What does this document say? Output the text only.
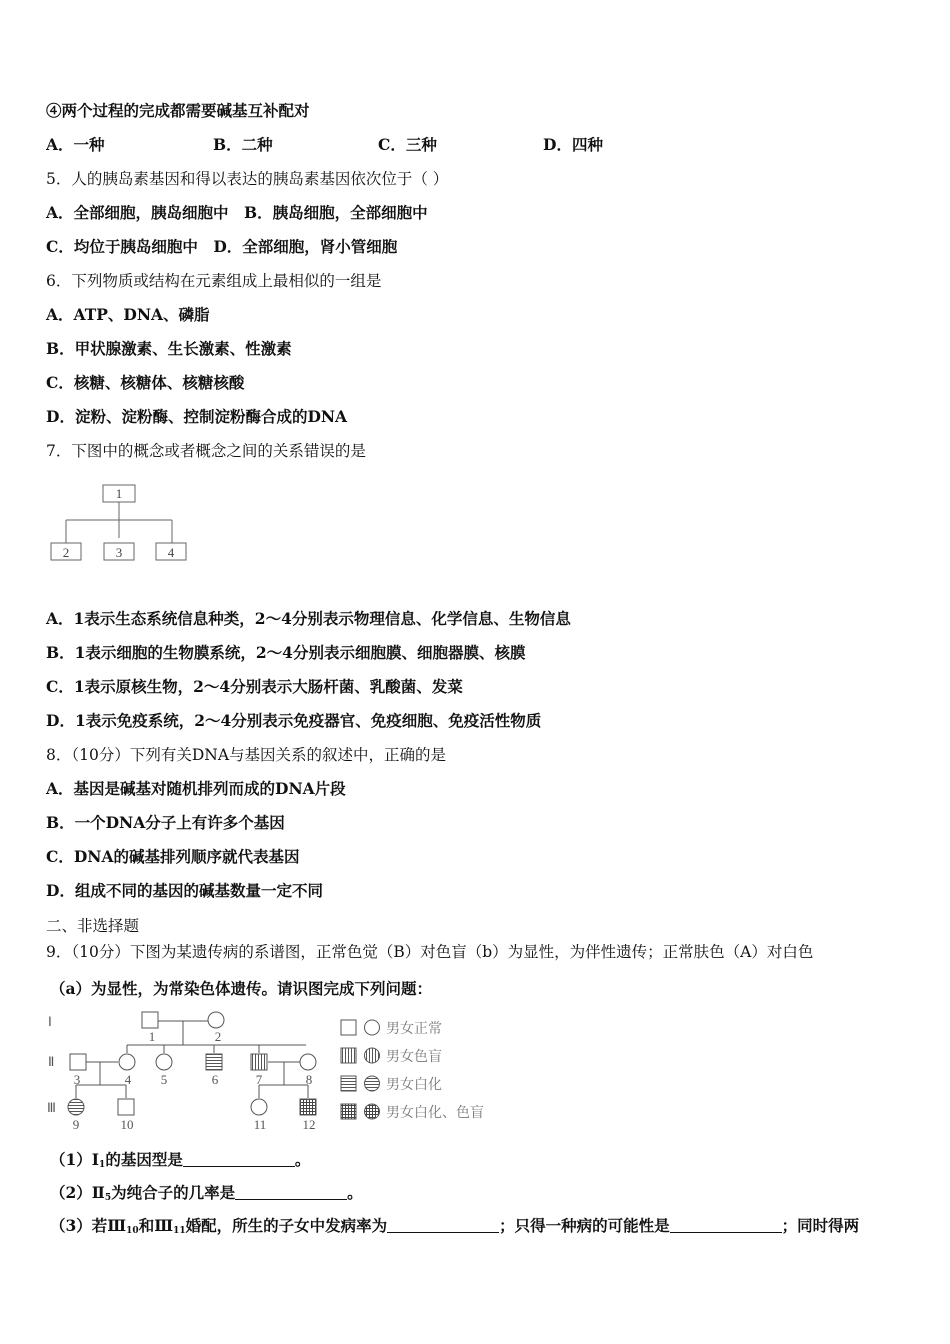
④两个过程的完成都需要碱基互补配对
A．一种	B．二种	C．三种	D．四种
5．人的胰岛素基因和得以表达的胰岛素基因依次位于（ ）
A．全部细胞，胰岛细胞中　B．胰岛细胞，全部细胞中
C．均位于胰岛细胞中　D．全部细胞，肾小管细胞
6．下列物质或结构在元素组成上最相似的一组是
A．ATP、DNA、磷脂
B．甲状腺激素、生长激素、性激素
C．核糖、核糖体、核糖核酸
D．淀粉、淀粉酶、控制淀粉酶合成的DNA
7．下图中的概念或者概念之间的关系错误的是
1
2	3	4
A．1表示生态系统信息种类，2～4分别表示物理信息、化学信息、生物信息
B．1表示细胞的生物膜系统，2～4分别表示细胞膜、细胞器膜、核膜
C．1表示原核生物，2～4分别表示大肠杆菌、乳酸菌、发菜
D．1表示免疫系统，2～4分别表示免疫器官、免疫细胞、免疫活性物质
8．（10分）下列有关DNA与基因关系的叙述中，正确的是
A．基因是碱基对随机排列而成的DNA片段
B．一个DNA分子上有许多个基因
C．DNA的碱基排列顺序就代表基因
D．组成不同的基因的碱基数量一定不同
二、非选择题
9．（10分）下图为某遗传病的系谱图，正常色觉（B）对色盲（b）为显性，为伴性遗传；正常肤色（A）对白色
（a）为显性，为常染色体遗传。请识图完成下列问题：
Ⅰ
Ⅱ
Ⅲ
1	2
3	4 5	6	7	8
9	10	11	12
男女正常
男女色盲
男女白化
男女白化、色盲
$(1)Ⅰ_1$的基因型是	。
$(2)Ⅱ_5$为纯合子的几率是	。
（3）若$Ⅲ_{10}$和$Ⅲ_{11}$婚配，所生的子女中发病率为	；只得一种病的可能性是	；同时得两
